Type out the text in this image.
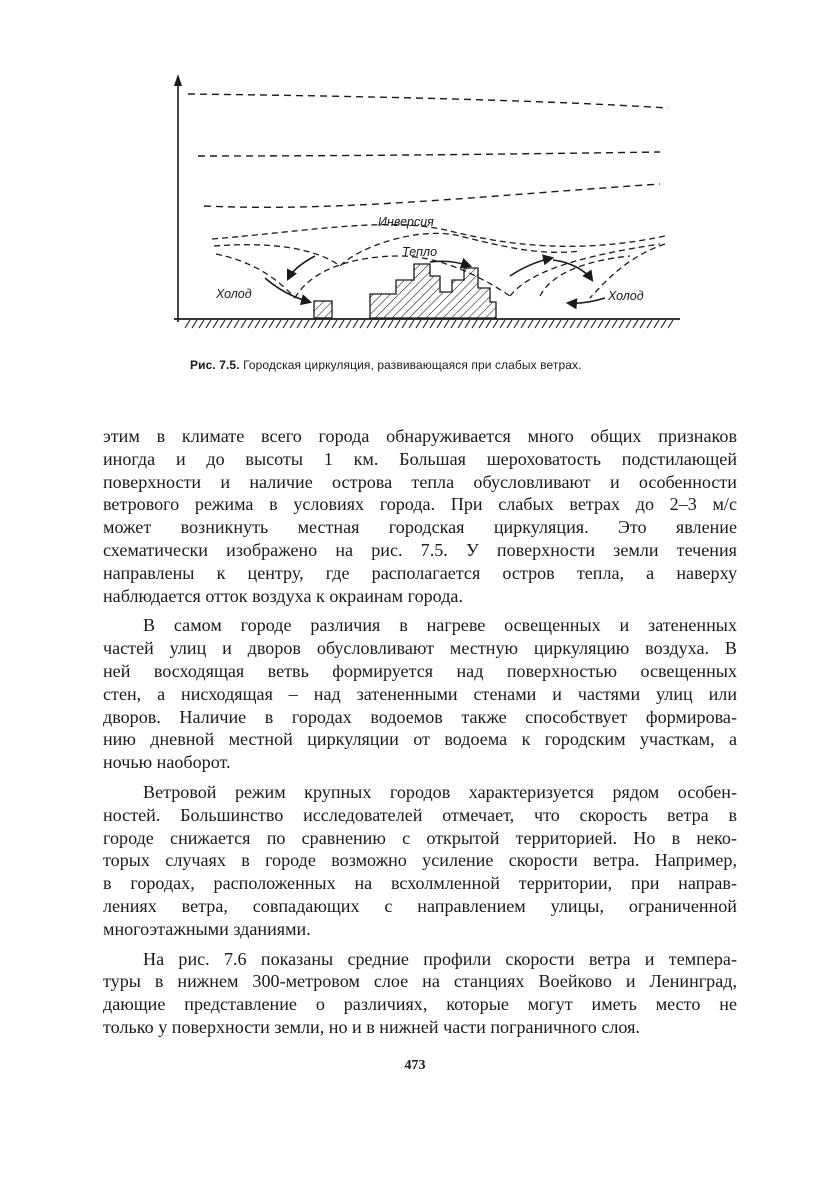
Инверсия
Тепло
Холод	Холод
Рис. 7.5. Городская циркуляция, развивающаяся при слабых ветрах.

этим в климате всего города обнаруживается много общих признаков
иногда и до высоты 1 км. Большая шероховатость подстилающей
поверхности и наличие острова тепла обусловливают и особенности
ветрового режима в условиях города. При слабых ветрах до 2–3 м/с
может возникнуть местная городская циркуляция. Это явление
схематически изображено на рис. 7.5. У поверхности земли течения
направлены к центру, где располагается остров тепла, а наверху
наблюдается отток воздуха к окраинам города.

В самом городе различия в нагреве освещенных и затененных
частей улиц и дворов обусловливают местную циркуляцию воздуха. В
ней восходящая ветвь формируется над поверхностью освещенных
стен, а нисходящая – над затененными стенами и частями улиц или
дворов. Наличие в городах водоемов также способствует формирова-
нию дневной местной циркуляции от водоема к городским участкам, а
ночью наоборот.

Ветровой режим крупных городов характеризуется рядом особен-
ностей. Большинство исследователей отмечает, что скорость ветра в
городе снижается по сравнению с открытой территорией. Но в неко-
торых случаях в городе возможно усиление скорости ветра. Например,
в городах, расположенных на всхолмленной территории, при направ-
лениях ветра, совпадающих с направлением улицы, ограниченной
многоэтажными зданиями.

На рис. 7.6 показаны средние профили скорости ветра и темпера-
туры в нижнем 300-метровом слое на станциях Воейково и Ленинград,
дающие представление о различиях, которые могут иметь место не
только у поверхности земли, но и в нижней части пограничного слоя.

473
